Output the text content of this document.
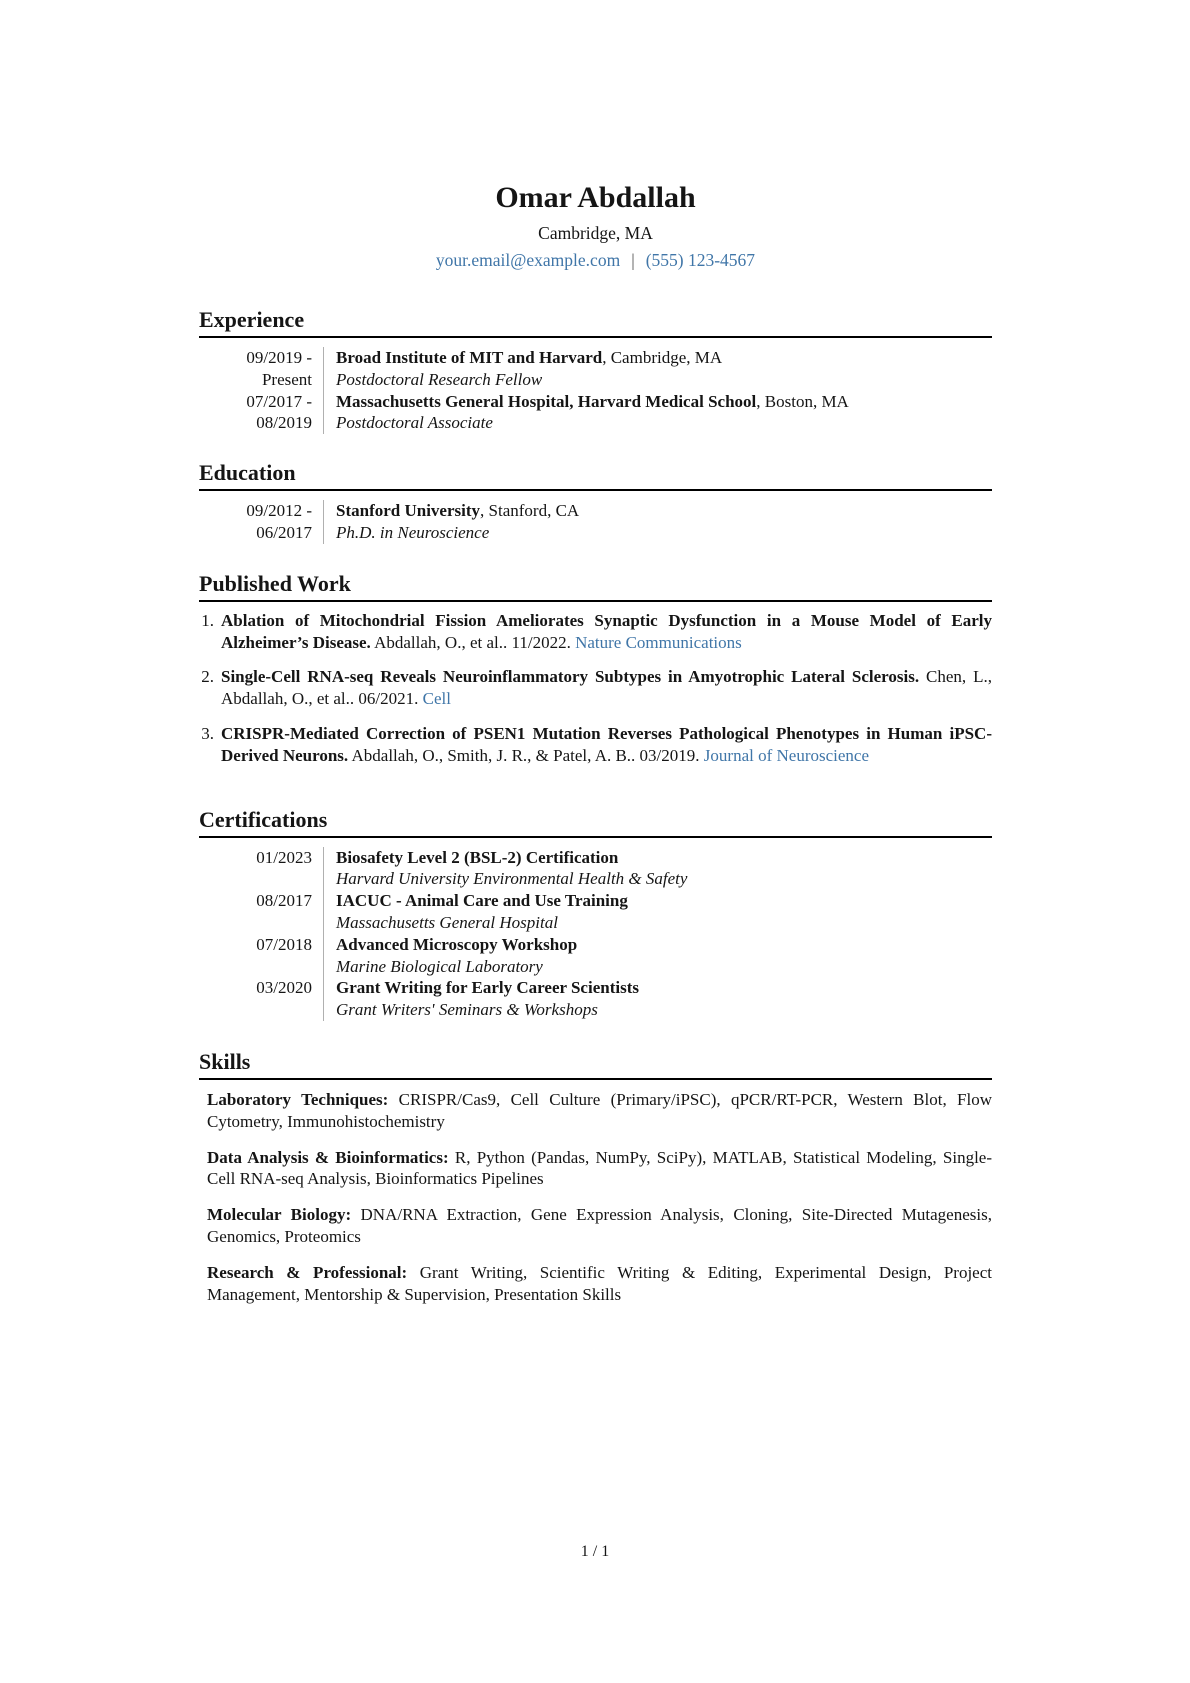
Omar Abdallah
Cambridge, MA
your.email@example.com | (555) 123-4567
Experience
09/2019 - Present
Broad Institute of MIT and Harvard, Cambridge, MA
Postdoctoral Research Fellow
07/2017 - 08/2019
Massachusetts General Hospital, Harvard Medical School, Boston, MA
Postdoctoral Associate
Education
09/2012 - 06/2017
Stanford University, Stanford, CA
Ph.D. in Neuroscience
Published Work
1. Ablation of Mitochondrial Fission Ameliorates Synaptic Dysfunction in a Mouse Model of Early Alzheimer’s Disease. Abdallah, O., et al.. 11/2022. Nature Communications
2. Single-Cell RNA-seq Reveals Neuroinflammatory Subtypes in Amyotrophic Lateral Sclerosis. Chen, L., Abdallah, O., et al.. 06/2021. Cell
3. CRISPR-Mediated Correction of PSEN1 Mutation Reverses Pathological Phenotypes in Human iPSC-Derived Neurons. Abdallah, O., Smith, J. R., & Patel, A. B.. 03/2019. Journal of Neuroscience
Certifications
01/2023 Biosafety Level 2 (BSL-2) Certification
Harvard University Environmental Health & Safety
08/2017 IACUC - Animal Care and Use Training
Massachusetts General Hospital
07/2018 Advanced Microscopy Workshop
Marine Biological Laboratory
03/2020 Grant Writing for Early Career Scientists
Grant Writers' Seminars & Workshops
Skills

Laboratory Techniques: CRISPR/Cas9, Cell Culture (Primary/iPSC), qPCR/RT-PCR, Western Blot, Flow Cytometry, Immunohistochemistry

Data Analysis & Bioinformatics: R, Python (Pandas, NumPy, SciPy), MATLAB, Statistical Modeling, Single-Cell RNA-seq Analysis, Bioinformatics Pipelines

Molecular Biology: DNA/RNA Extraction, Gene Expression Analysis, Cloning, Site-Directed Mutagenesis, Genomics, Proteomics

Research & Professional: Grant Writing, Scientific Writing & Editing, Experimental Design, Project Management, Mentorship & Supervision, Presentation Skills

1 / 1
